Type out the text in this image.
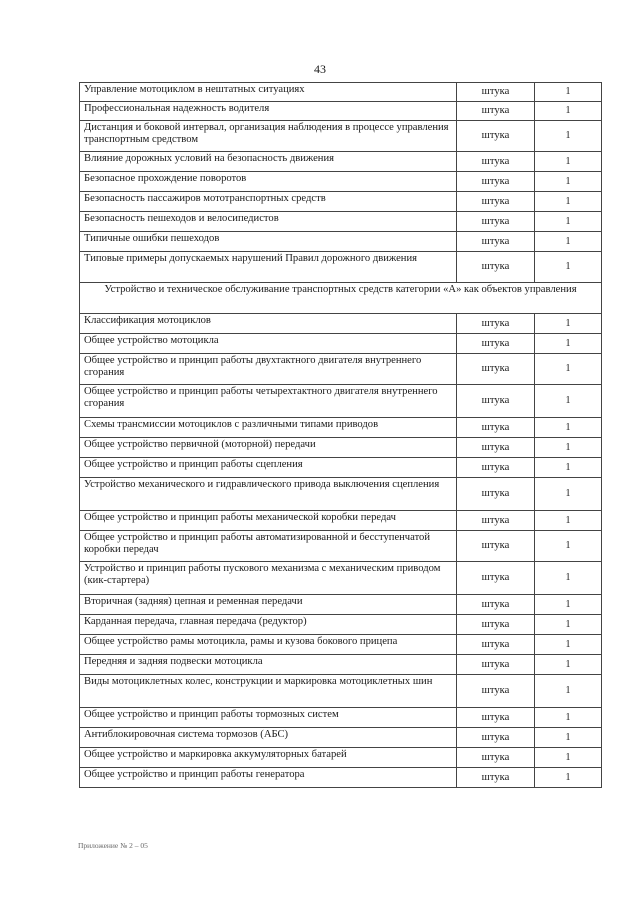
43
Управление мотоциклом в нештатных ситуациях	штука	1
Профессиональная надежность водителя	штука	1
Дистанция и боковой интервал, организация наблюдения в процессе управления транспортным средством	штука	1
Влияние дорожных условий на безопасность движения	штука	1
Безопасное прохождение поворотов	штука	1
Безопасность пассажиров мототранспортных средств	штука	1
Безопасность пешеходов и велосипедистов	штука	1
Типичные ошибки пешеходов	штука	1
Типовые примеры допускаемых нарушений Правил дорожного движения	штука	1
Устройство и техническое обслуживание транспортных средств категории «А» как объектов управления		
Классификация мотоциклов	штука	1
Общее устройство мотоцикла	штука	1
Общее устройство и принцип работы двухтактного двигателя внутреннего сгорания	штука	1
Общее устройство и принцип работы четырехтактного двигателя внутреннего сгорания	штука	1
Схемы трансмиссии мотоциклов с различными типами приводов	штука	1
Общее устройство первичной (моторной) передачи	штука	1
Общее устройство и принцип работы сцепления	штука	1
Устройство механического и гидравлического привода выключения сцепления	штука	1
Общее устройство и принцип работы механической коробки передач	штука	1
Общее устройство и принцип работы автоматизированной и бесступенчатой коробки передач	штука	1
Устройство и принцип работы пускового механизма с механическим приводом (кик-стартера)	штука	1
Вторичная (задняя) цепная и ременная передачи	штука	1
Карданная передача, главная передача (редуктор)	штука	1
Общее устройство рамы мотоцикла, рамы и кузова бокового прицепа	штука	1
Передняя и задняя подвески мотоцикла	штука	1
Виды мотоциклетных колес, конструкции и маркировка мотоциклетных шин	штука	1
Общее устройство и принцип работы тормозных систем	штука	1
Антиблокировочная система тормозов (АБС)	штука	1
Общее устройство и маркировка аккумуляторных батарей	штука	1
Общее устройство и принцип работы генератора	штука	1
Приложение № 2 – 05
